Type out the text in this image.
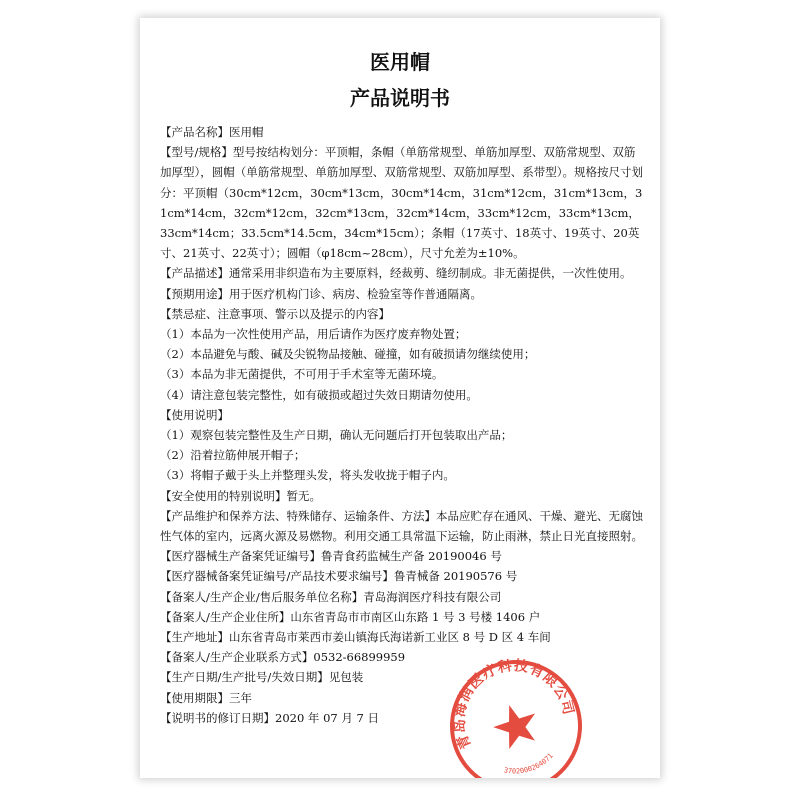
医用帽
产品说明书

【产品名称】医用帽

【型号/规格】型号按结构划分：平顶帽，条帽（单筋常规型、单筋加厚型、双筋常规型、双筋加厚型），圆帽（单筋常规型、单筋加厚型、双筋常规型、双筋加厚型、系带型）。规格按尺寸划分：平顶帽（30cm*12cm，30cm*13cm，30cm*14cm，31cm*12cm，31cm*13cm，31cm*14cm，32cm*12cm，32cm*13cm，32cm*14cm，33cm*12cm，33cm*13cm，33cm*14cm；33.5cm*14.5cm，34cm*15cm）；条帽（17英寸、18英寸、19英寸、20英寸、21英寸、22英寸）；圆帽（φ18cm~28cm），尺寸允差为±10%。

【产品描述】通常采用非织造布为主要原料，经裁剪、缝纫制成。非无菌提供，一次性使用。

【预期用途】用于医疗机构门诊、病房、检验室等作普通隔离。

【禁忌症、注意事项、警示以及提示的内容】

（1）本品为一次性使用产品，用后请作为医疗废弃物处置；

（2）本品避免与酸、碱及尖锐物品接触、碰撞，如有破损请勿继续使用；

（3）本品为非无菌提供，不可用于手术室等无菌环境。

（4）请注意包装完整性，如有破损或超过失效日期请勿使用。

【使用说明】

（1）观察包装完整性及生产日期，确认无问题后打开包装取出产品；

（2）沿着拉筋伸展开帽子；

（3）将帽子戴于头上并整理头发，将头发收拢于帽子内。

【安全使用的特别说明】暂无。

【产品维护和保养方法、特殊储存、运输条件、方法】本品应贮存在通风、干燥、避光、无腐蚀性气体的室内，远离火源及易燃物。利用交通工具常温下运输，防止雨淋，禁止日光直接照射。

【医疗器械生产备案凭证编号】鲁青食药监械生产备 20190046 号

【医疗器械备案凭证编号/产品技术要求编号】鲁青械备 20190576 号

【备案人/生产企业/售后服务单位名称】青岛海润医疗科技有限公司

【备案人/生产企业住所】山东省青岛市市南区山东路 1 号 3 号楼 1406 户

【生产地址】山东省青岛市莱西市姜山镇海氏海诺新工业区 8 号 D 区 4 车间

【备案人/生产企业联系方式】0532-66899959

【生产日期/生产批号/失效日期】见包装

【使用期限】三年

【说明书的修订日期】2020 年 07 月 7 日

青岛海润医疗科技有限公司
3702000264071
